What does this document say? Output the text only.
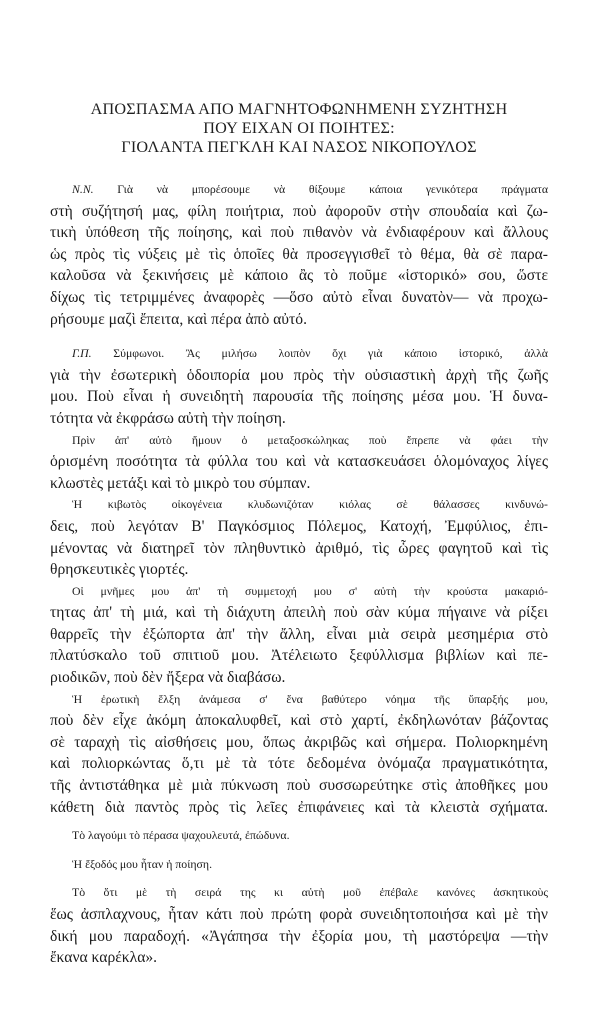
ΑΠΟΣΠΑΣΜΑ ΑΠΟ ΜΑΓΝΗΤΟΦΩΝΗΜΕΝΗ ΣΥΖΗΤΗΣΗ
ΠΟΥ ΕΙΧΑΝ ΟΙ ΠΟΙΗΤΕΣ:
ΓΙΟΛΑΝΤΑ ΠΕΓΚΛΗ ΚΑΙ ΝΑΣΟΣ ΝΙΚΟΠΟΥΛΟΣ

Ν.Ν. Γιὰ νὰ μπορέσουμε νὰ θίξουμε κάποια γενικότερα πράγματα
στὴ συζήτησή μας, φίλη ποιήτρια, ποὺ ἀφοροῦν στὴν σπουδαία καὶ ζω-
τικὴ ὑπόθεση τῆς ποίησης, καὶ ποὺ πιθανὸν νὰ ἐνδιαφέρουν καὶ ἄλλους
ὡς πρὸς τὶς νύξεις μὲ τὶς ὁποῖες θὰ προσεγγισθεῖ τὸ θέμα, θὰ σὲ παρα-
καλοῦσα νὰ ξεκινήσεις μὲ κάποιο ἂς τὸ ποῦμε «ἱστορικό» σου, ὥστε
δίχως τὶς τετριμμένες ἀναφορὲς —ὅσο αὐτὸ εἶναι δυνατὸν— νὰ προχω-
ρήσουμε μαζὶ ἔπειτα, καὶ πέρα ἀπὸ αὐτό.

Γ.Π. Σύμφωνοι. Ἂς μιλήσω λοιπὸν ὄχι γιὰ κάποιο ἱστορικό, ἀλλὰ
γιὰ τὴν ἐσωτερικὴ ὁδοιπορία μου πρὸς τὴν οὐσιαστικὴ ἀρχὴ τῆς ζωῆς
μου. Ποὺ εἶναι ἡ συνειδητὴ παρουσία τῆς ποίησης μέσα μου. Ἡ δυνα-
τότητα νὰ ἐκφράσω αὐτὴ τὴν ποίηση.

Πρὶν ἀπ' αὐτὸ ἤμουν ὁ μεταξοσκώληκας ποὺ ἔπρεπε νὰ φάει τὴν
ὁρισμένη ποσότητα τὰ φύλλα του καὶ νὰ κατασκευάσει ὁλομόναχος λίγες
κλωστὲς μετάξι καὶ τὸ μικρὸ του σύμπαν.

Ἡ κιβωτὸς οἰκογένεια κλυδωνιζόταν κιόλας σὲ θάλασσες κινδυνώ-
δεις, ποὺ λεγόταν Β' Παγκόσμιος Πόλεμος, Κατοχή, Ἐμφύλιος, ἐπι-
μένοντας νὰ διατηρεῖ τὸν πληθυντικὸ ἀριθμό, τὶς ὧρες φαγητοῦ καὶ τὶς
θρησκευτικὲς γιορτές.

Οἱ μνῆμες μου ἀπ' τὴ συμμετοχή μου σ' αὐτὴ τὴν κρούστα μακαριό-
τητας ἀπ' τὴ μιά, καὶ τὴ διάχυτη ἀπειλὴ ποὺ σὰν κύμα πήγαινε νὰ ρίξει
θαρρεῖς τὴν ἐξώπορτα ἀπ' τὴν ἄλλη, εἶναι μιὰ σειρὰ μεσημέρια στὸ
πλατύσκαλο τοῦ σπιτιοῦ μου. Ἀτέλειωτο ξεφύλλισμα βιβλίων καὶ πε-
ριοδικῶν, ποὺ δὲν ἤξερα νὰ διαβάσω.

Ἡ ἐρωτικὴ ἕλξη ἀνάμεσα σ' ἕνα βαθύτερο νόημα τῆς ὕπαρξής μου,
ποὺ δὲν εἶχε ἀκόμη ἀποκαλυφθεῖ, καὶ στὸ χαρτί, ἐκδηλωνόταν βάζοντας
σὲ ταραχὴ τὶς αἰσθήσεις μου, ὅπως ἀκριβῶς καὶ σήμερα. Πολιορκημένη
καὶ πολιορκώντας ὅ,τι μὲ τὰ τότε δεδομένα ὀνόμαζα πραγματικότητα,
τῆς ἀντιστάθηκα μὲ μιὰ πύκνωση ποὺ συσσωρεύτηκε στὶς ἀποθῆκες μου
κάθετη διὰ παντὸς πρὸς τὶς λεῖες ἐπιφάνειες καὶ τὰ κλειστὰ σχήματα.

Τὸ λαγούμι τὸ πέρασα ψαχουλευτά, ἐπώδυνα.

Ἡ ἔξοδός μου ἦταν ἡ ποίηση.

Τὸ ὅτι μὲ τὴ σειρά της κι αὐτὴ μοῦ ἐπέβαλε κανόνες ἀσκητικοὺς
ἕως ἀσπλαχνους, ἦταν κάτι ποὺ πρώτη φορὰ συνειδητοποιήσα καὶ μὲ τὴν
δική μου παραδοχή. «Ἀγάπησα τὴν ἐξορία μου, τὴ μαστόρεψα —τὴν
ἔκανα καρέκλα».
